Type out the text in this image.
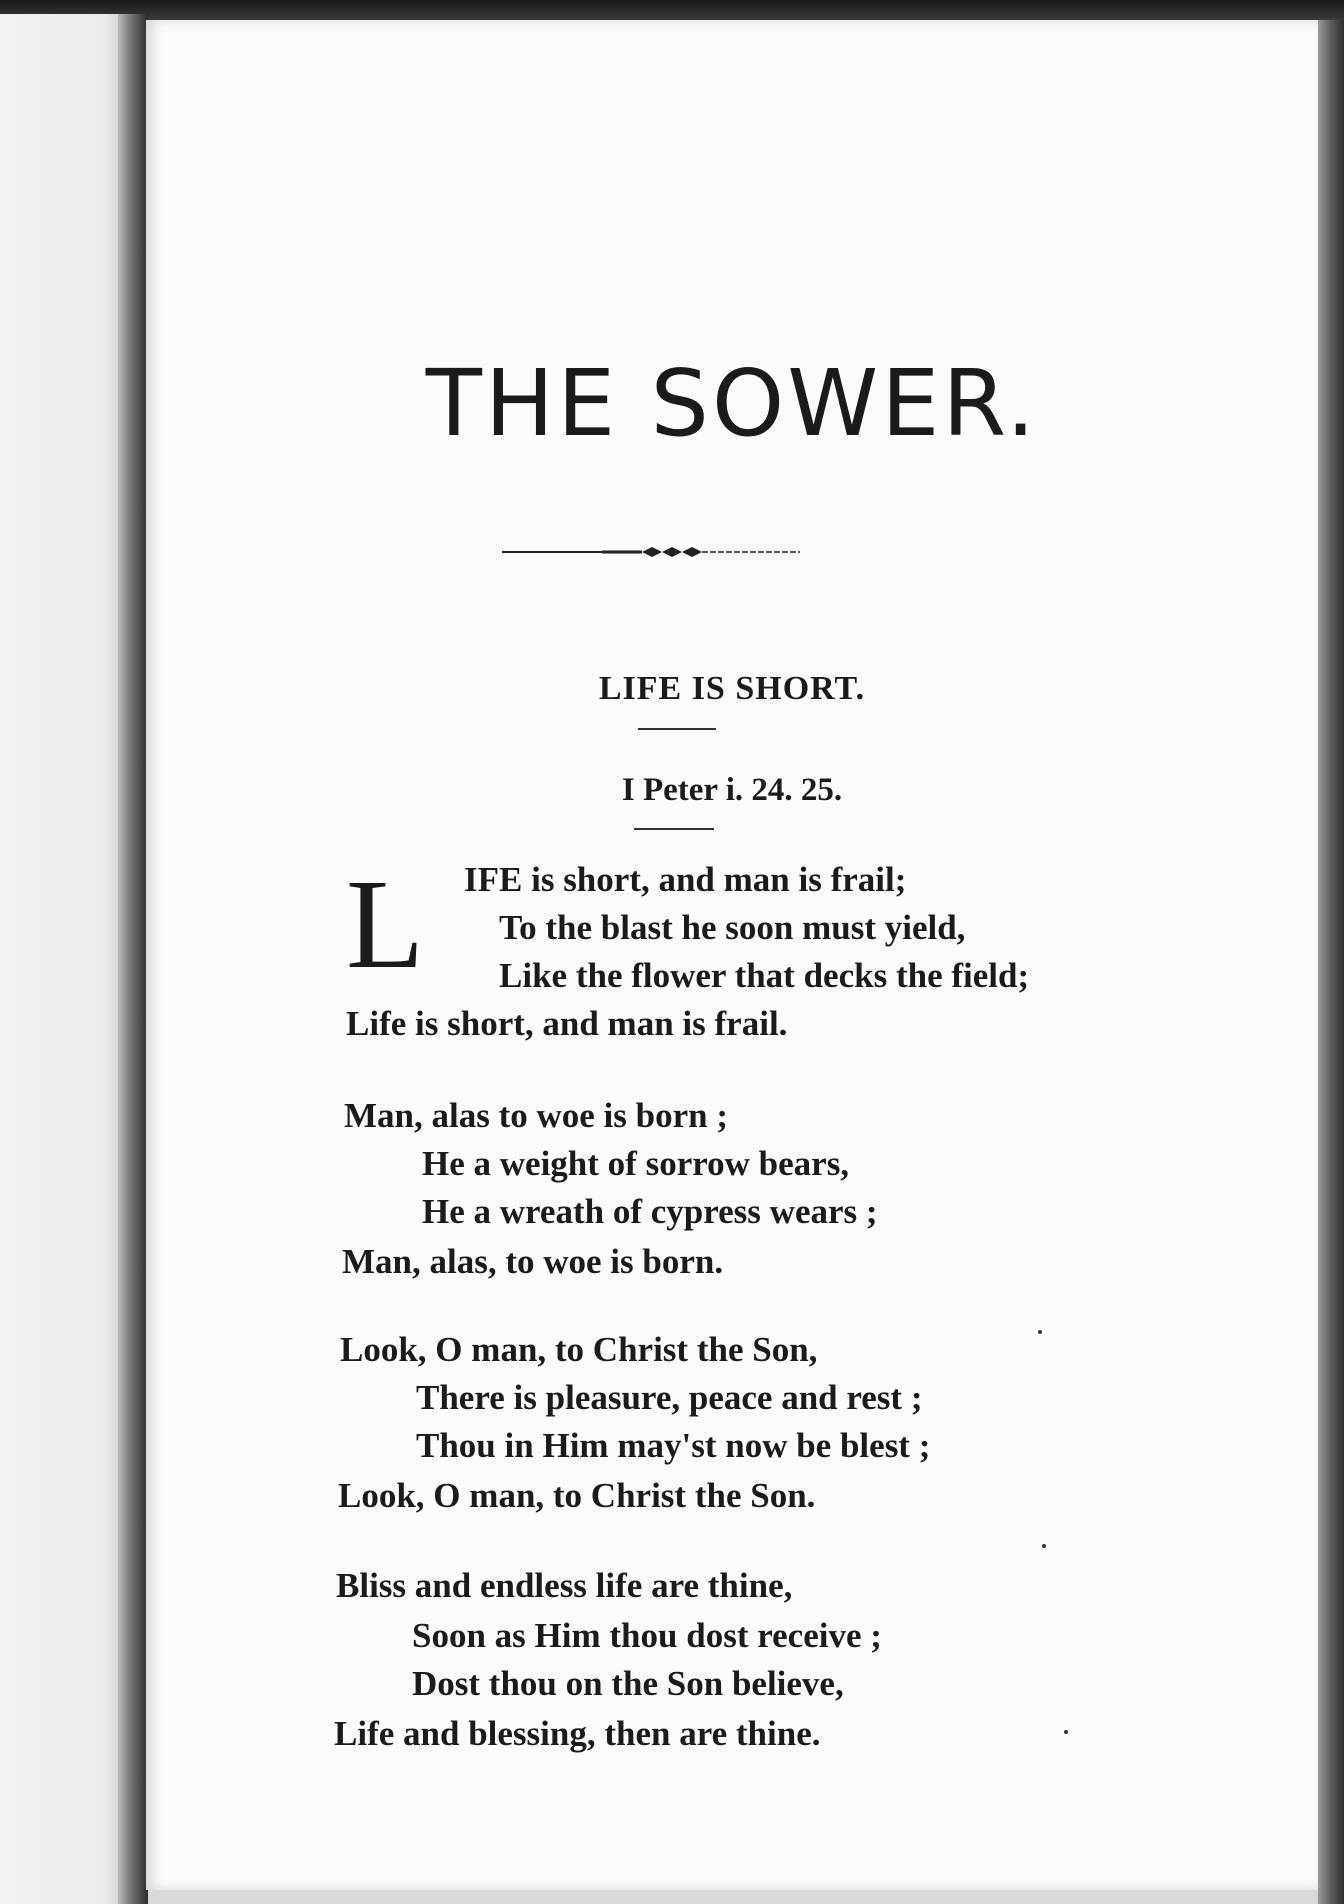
THE SOWER.
LIFE IS SHORT.
I Peter i. 24. 25.
L IFE is short, and man is frail;
To the blast he soon must yield,
Like the flower that decks the field;
Life is short, and man is frail.
Man, alas to woe is born ;
He a weight of sorrow bears,
He a wreath of cypress wears ;
Man, alas, to woe is born.
Look, O man, to Christ the Son,
There is pleasure, peace and rest ;
Thou in Him may'st now be blest ;
Look, O man, to Christ the Son.
Bliss and endless life are thine,
Soon as Him thou dost receive ;
Dost thou on the Son believe,
Life and blessing, then are thine.
